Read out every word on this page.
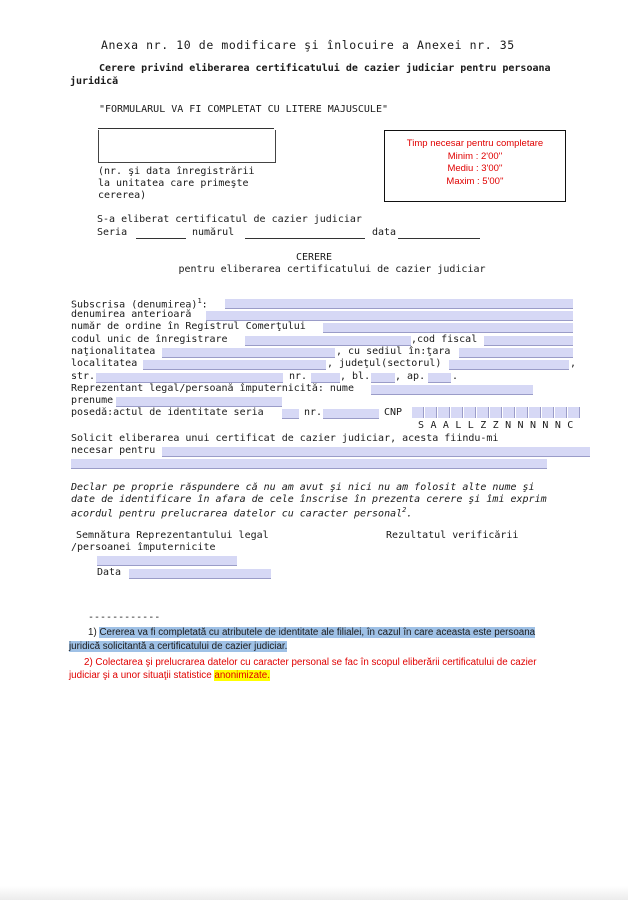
Anexa nr. 10 de modificare şi înlocuire a Anexei nr. 35
Cerere privind eliberarea certificatului de cazier judiciar pentru persoana
juridică
"FORMULARUL VA FI COMPLETAT CU LITERE MAJUSCULE"
(nr. şi data înregistrării
la unitatea care primeşte
cererea)
Timp necesar pentru completare
Minim : 2'00''
Mediu : 3'00''
Maxim : 5'00''
S-a eliberat certificatul de cazier judiciar
Seria	numărul	data
CERERE
pentru eliberarea certificatului de cazier judiciar
Subscrisa (denumirea)$^1$:
denumirea anterioară
număr de ordine în Registrul Comerţului
codul unic de înregistrare	,cod fiscal
naţionalitatea	, cu sediul în:ţara
localitatea	, judeţul(sectorul)	,
str.	nr.	, bl. , ap.	.
Reprezentant legal/persoană împuternicită: nume
prenume
posedă:actul de identitate seria	nr.	CNP
S A A L L Z Z N N N N N C
Solicit eliberarea unui certificat de cazier judiciar, acesta fiindu-mi
necesar pentru
Declar pe proprie răspundere că nu am avut şi nici nu am folosit alte nume şi
date de identificare în afara de cele înscrise în prezenta cerere şi îmi exprim
acordul pentru prelucrarea datelor cu caracter personal$^2$.
Semnătura Reprezentantului legal
/persoanei împuternicite
Rezultatul verificării
Data
------------
1) Cererea va fi completată cu atributele de identitate ale filialei, în cazul în care aceasta este persoana
juridică solicitantă a certificatului de cazier judiciar.
2) Colectarea şi prelucrarea datelor cu caracter personal se fac în scopul eliberării certificatului de cazier
judiciar şi a unor situaţii statistice anonimizate.
